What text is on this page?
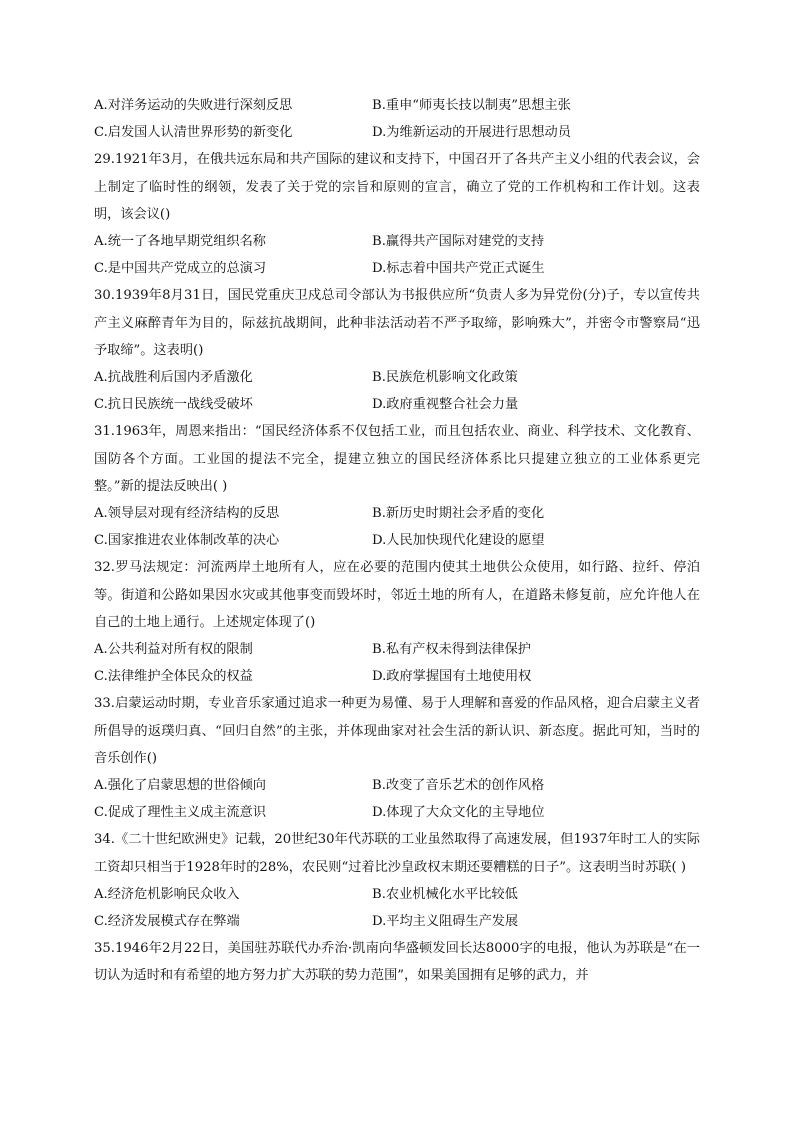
A.对洋务运动的失败进行深刻反思	B.重申“师夷长技以制夷”思想主张
C.启发国人认清世界形势的新变化	D.为维新运动的开展进行思想动员
29.1921年3月，在俄共远东局和共产国际的建议和支持下，中国召开了各共产主义小组的代表会议，会上制定了临时性的纲领，发表了关于党的宗旨和原则的宣言，确立了党的工作机构和工作计划。这表明，该会议()
A.统一了各地早期党组织名称	B.赢得共产国际对建党的支持
C.是中国共产党成立的总演习	D.标志着中国共产党正式诞生
30.1939年8月31日，国民党重庆卫戍总司令部认为书报供应所“负责人多为异党份(分)子，专以宣传共产主义麻醉青年为目的，际兹抗战期间，此种非法活动若不严予取缔，影响殊大”，并密令市警察局“迅予取缔”。这表明()
A.抗战胜利后国内矛盾激化	B.民族危机影响文化政策
C.抗日民族统一战线受破坏	D.政府重视整合社会力量
31.1963年，周恩来指出：“国民经济体系不仅包括工业，而且包括农业、商业、科学技术、文化教育、国防各个方面。工业国的提法不完全，提建立独立的国民经济体系比只提建立独立的工业体系更完整。”新的提法反映出( )
A.领导层对现有经济结构的反思	B.新历史时期社会矛盾的变化
C.国家推进农业体制改革的决心	D.人民加快现代化建设的愿望
32.罗马法规定：河流两岸土地所有人，应在必要的范围内使其土地供公众使用，如行路、拉纤、停泊等。街道和公路如果因水灾或其他事变而毁坏时，邻近土地的所有人，在道路未修复前，应允许他人在自己的土地上通行。上述规定体现了()
A.公共利益对所有权的限制	B.私有产权未得到法律保护
C.法律维护全体民众的权益	D.政府掌握国有土地使用权
33.启蒙运动时期，专业音乐家通过追求一种更为易懂、易于人理解和喜爱的作品风格，迎合启蒙主义者所倡导的返璞归真、“回归自然”的主张，并体现曲家对社会生活的新认识、新态度。据此可知，当时的音乐创作()
A.强化了启蒙思想的世俗倾向	B.改变了音乐艺术的创作风格
C.促成了理性主义成主流意识	D.体现了大众文化的主导地位
34.《二十世纪欧洲史》记载，20世纪30年代苏联的工业虽然取得了高速发展，但1937年时工人的实际工资却只相当于1928年时的28%，农民则“过着比沙皇政权末期还要糟糕的日子”。这表明当时苏联( )
A.经济危机影响民众收入	B.农业机械化水平比较低
C.经济发展模式存在弊端	D.平均主义阻碍生产发展
35.1946年2月22日，美国驻苏联代办乔治·凯南向华盛顿发回长达8000字的电报，他认为苏联是“在一切认为适时和有希望的地方努力扩大苏联的势力范围”，如果美国拥有足够的武力，并
